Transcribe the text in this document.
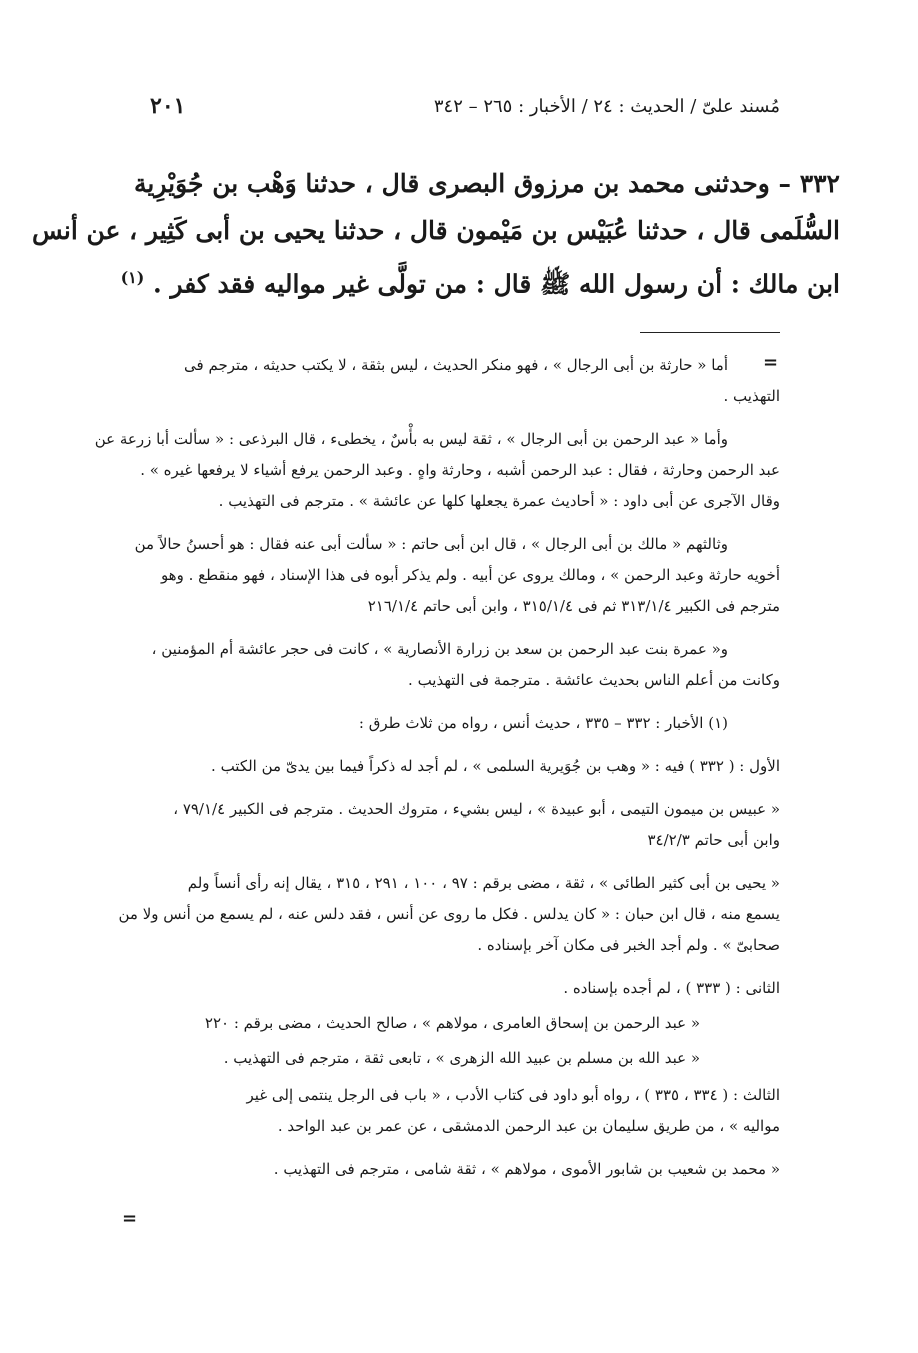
٢٠١	مُسند علىّ / الحديث : ٢٤ / الأخبار : ٢٦٥ – ٣٤٢
٣٣٢ – وحدثنى محمد بن مرزوق البصرى قال ، حدثنا وَهْب بن جُوَيْرِية
السُّلَمى قال ، حدثنا عُبَيْس بن مَيْمون قال ، حدثنا يحيى بن أبى كَثِير ، عن أنس
ابن مالك : أن رسول الله ﷺ قال : من تولَّى غير مواليه فقد كفر . $^{(١)}$
=
=

أما « حارثة بن أبى الرجال » ، فهو منكر الحديث ، ليس بثقة ، لا يكتب حديثه ، مترجم فى
التهذيب .

وأما « عبد الرحمن بن أبى الرجال » ، ثقة ليس به بأْسٌ ، يخطىء ، قال البرذعى : « سألت أبا زرعة عن
عبد الرحمن وحارثة ، فقال : عبد الرحمن أشبه ، وحارثة واهٍ . وعبد الرحمن يرفع أشياء لا يرفعها غيره » .
وقال الآجرى عن أبى داود : « أحاديث عمرة يجعلها كلها عن عائشة » . مترجم فى التهذيب .

وثالثهم « مالك بن أبى الرجال » ، قال ابن أبى حاتم : « سألت أبى عنه فقال : هو أحسنُ حالاً من
أخويه حارثة وعبد الرحمن » ، ومالك يروى عن أبيه . ولم يذكر أبوه فى هذا الإسناد ، فهو منقطع . وهو
مترجم فى الكبير ٣١٣/١/٤ ثم فى ٣١٥/١/٤ ، وابن أبى حاتم ٢١٦/١/٤

و« عمرة بنت عبد الرحمن بن سعد بن زرارة الأنصارية » ، كانت فى حجر عائشة أم المؤمنين ،
وكانت من أعلم الناس بحديث عائشة . مترجمة فى التهذيب .

(١) الأخبار : ٣٣٢ – ٣٣٥ ، حديث أنس ، رواه من ثلاث طرق :

الأول : ( ٣٣٢ ) فيه : « وهب بن جُوَيرية السلمى » ، لم أجد له ذكراً فيما بين يدىّ من الكتب .

« عبيس بن ميمون التيمى ، أبو عبيدة » ، ليس بشيء ، متروك الحديث . مترجم فى الكبير ٧٩/١/٤ ،
وابن أبى حاتم ٣٤/٢/٣

« يحيى بن أبى كثير الطائى » ، ثقة ، مضى برقم : ٩٧ ، ١٠٠ ، ٢٩١ ، ٣١٥ ، يقال إنه رأى أنساً ولم
يسمع منه ، قال ابن حبان : « كان يدلس . فكل ما روى عن أنس ، فقد دلس عنه ، لم يسمع من أنس ولا من
صحابىّ » . ولم أجد الخبر فى مكان آخر بإسناده .

الثانى : ( ٣٣٣ ) ، لم أجده بإسناده .

« عبد الرحمن بن إسحاق العامرى ، مولاهم » ، صالح الحديث ، مضى برقم : ٢٢٠

« عبد الله بن مسلم بن عبيد الله الزهرى » ، تابعى ثقة ، مترجم فى التهذيب .

الثالث : ( ٣٣٤ ، ٣٣٥ ) ، رواه أبو داود فى كتاب الأدب ، « باب فى الرجل ينتمى إلى غير
مواليه » ، من طريق سليمان بن عبد الرحمن الدمشقى ، عن عمر بن عبد الواحد .

« محمد بن شعيب بن شابور الأموى ، مولاهم » ، ثقة شامى ، مترجم فى التهذيب .
